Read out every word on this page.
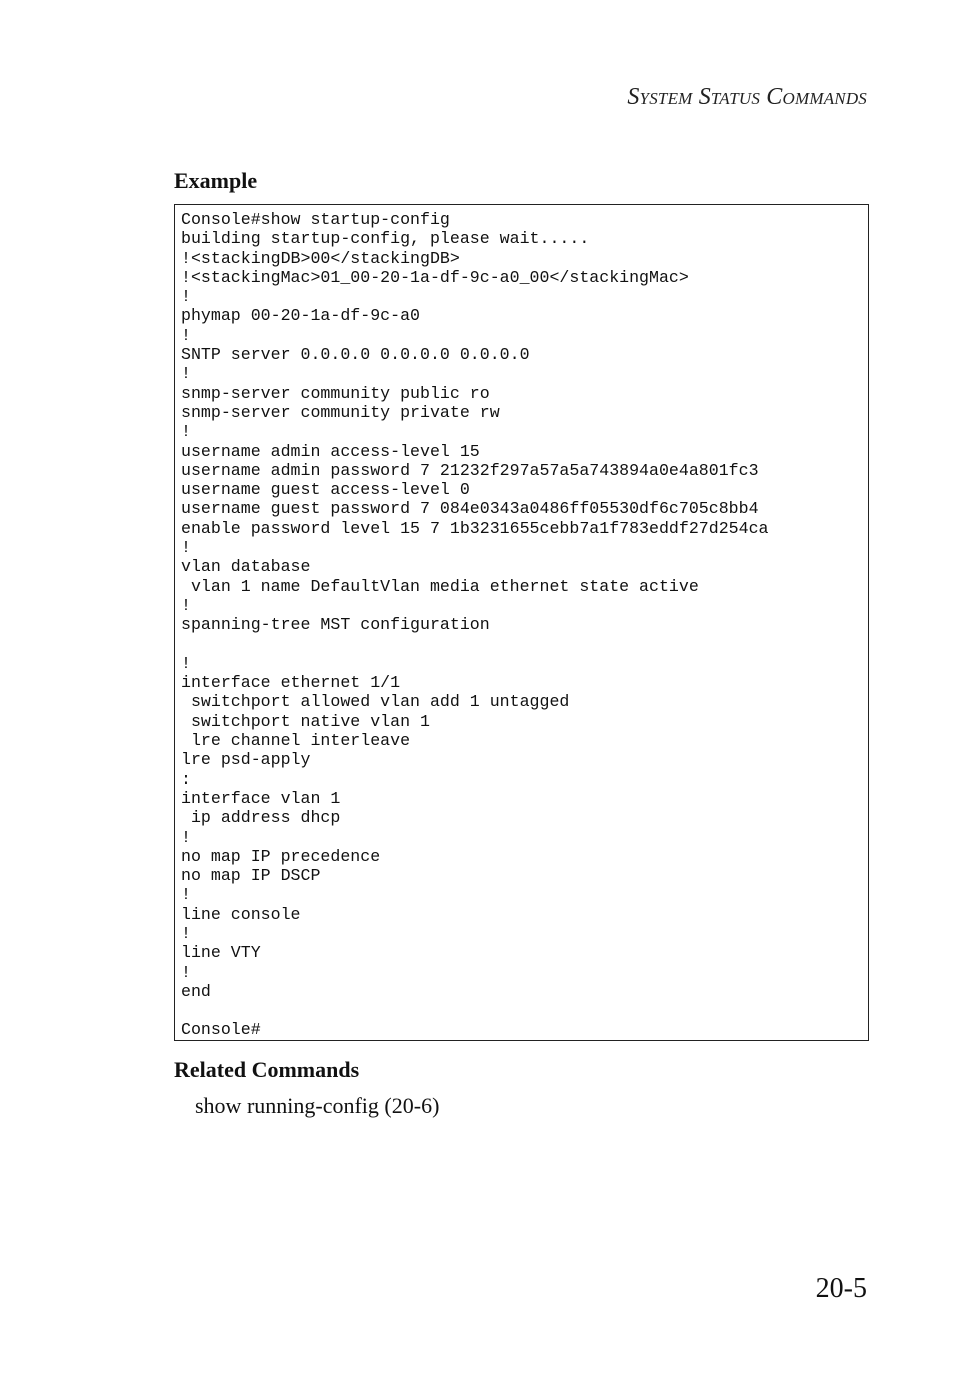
System Status Commands
Example
Console#show startup-config
building startup-config, please wait.....
!<stackingDB>00</stackingDB>
!<stackingMac>01_00-20-1a-df-9c-a0_00</stackingMac>
!
phymap 00-20-1a-df-9c-a0
!
SNTP server 0.0.0.0 0.0.0.0 0.0.0.0
!
snmp-server community public ro
snmp-server community private rw
!
username admin access-level 15
username admin password 7 21232f297a57a5a743894a0e4a801fc3
username guest access-level 0
username guest password 7 084e0343a0486ff05530df6c705c8bb4
enable password level 15 7 1b3231655cebb7a1f783eddf27d254ca
!
vlan database
vlan 1 name DefaultVlan media ethernet state active
!
spanning-tree MST configuration
!
interface ethernet 1/1
switchport allowed vlan add 1 untagged
switchport native vlan 1
lre channel interleave
lre psd-apply
:
interface vlan 1
ip address dhcp
!
no map IP precedence
no map IP DSCP
!
line console
!
line VTY
!
end
Console#
Related Commands
show running-config (20-6)
20-5
